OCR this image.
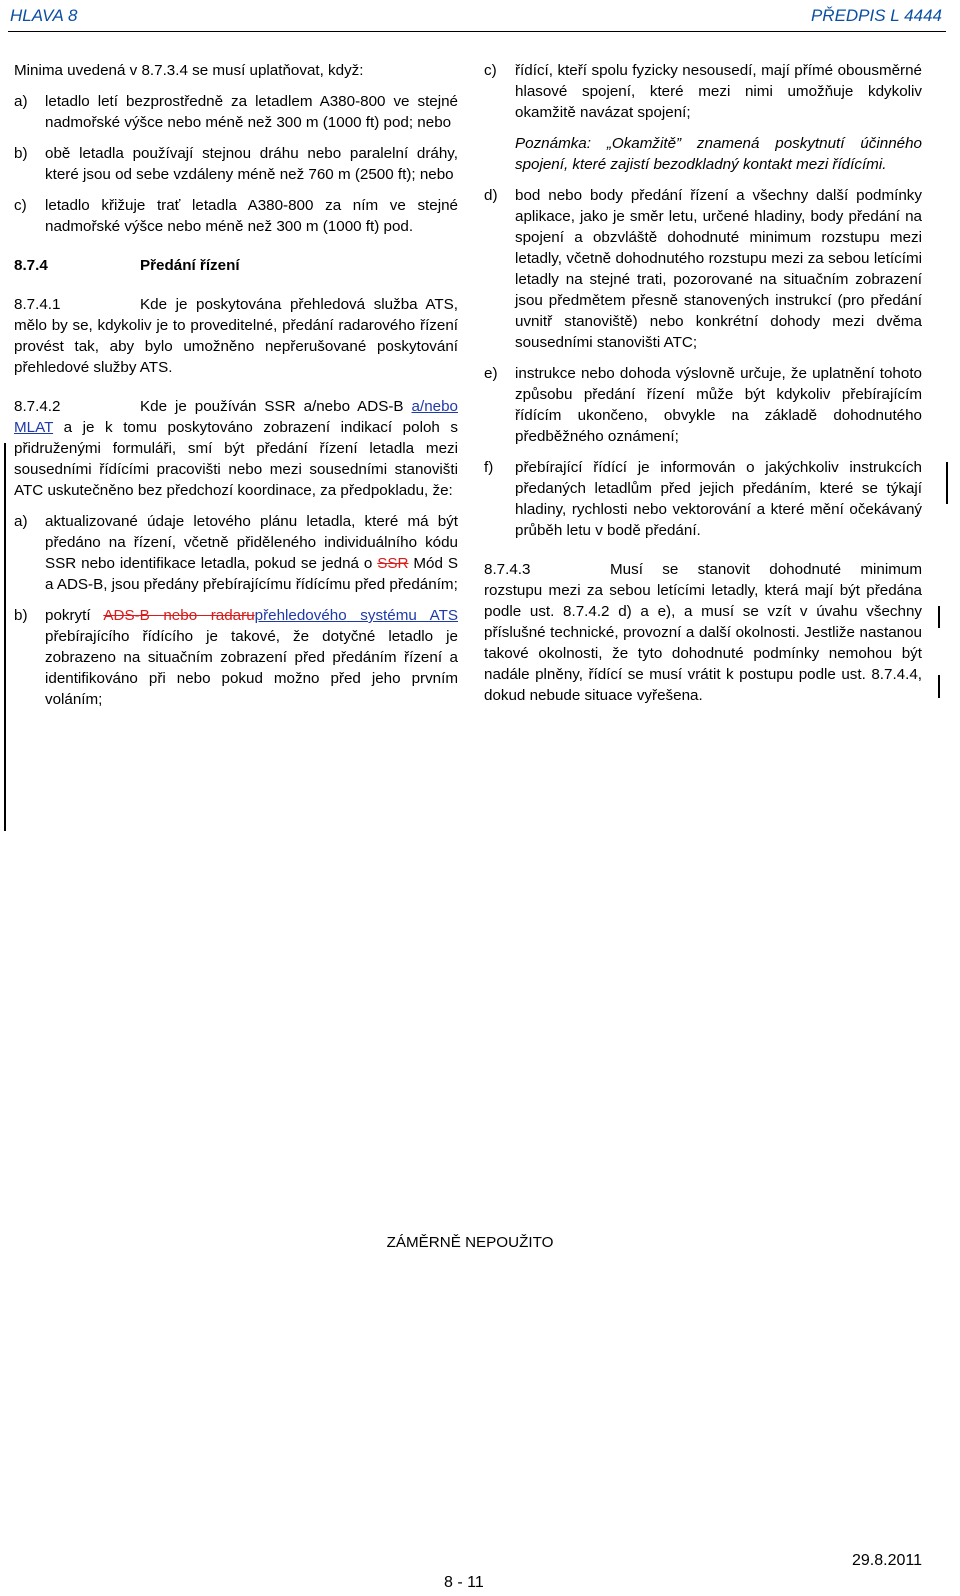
HLAVA 8	PŘEDPIS L 4444

Minima uvedená v 8.7.3.4 se musí uplatňovat, když:

a) letadlo letí bezprostředně za letadlem A380-800 ve stejné nadmořské výšce nebo méně než 300 m (1000 ft) pod; nebo
b) obě letadla používají stejnou dráhu nebo paralelní dráhy, které jsou od sebe vzdáleny méně než 760 m (2500 ft); nebo
c) letadlo křižuje trať letadla A380-800 za ním ve stejné nadmořské výšce nebo méně než 300 m (1000 ft) pod.
8.7.4	Předání řízení

8.7.4.1	Kde je poskytována přehledová služba ATS, mělo by se, kdykoliv je to proveditelné, předání radarového řízení provést tak, aby bylo umožněno nepřerušované poskytování přehledové služby ATS.

8.7.4.2	Kde je používán SSR a/nebo ADS-B a/nebo MLAT a je k tomu poskytováno zobrazení indikací poloh s přidruženými formuláři, smí být předání řízení letadla mezi sousedními řídícími pracovišti nebo mezi sousedními stanovišti ATC uskutečněno bez předchozí koordinace, za předpokladu, že:

a) aktualizované údaje letového plánu letadla, které má být předáno na řízení, včetně přiděleného individuálního kódu SSR nebo identifikace letadla, pokud se jedná o SSR Mód S a ADS-B, jsou předány přebírajícímu řídícímu před předáním;
b) pokrytí ADS-B nebo radarupřehledového systému ATS přebírajícího řídícího je takové, že dotyčné letadlo je zobrazeno na situačním zobrazení před předáním řízení a identifikováno při nebo pokud možno před jeho prvním voláním;
c) řídící, kteří spolu fyzicky nesousedí, mají přímé obousměrné hlasové spojení, které mezi nimi umožňuje kdykoliv okamžitě navázat spojení;

Poznámka: „Okamžitě” znamená poskytnutí účinného spojení, které zajistí bezodkladný kontakt mezi řídícími.

d) bod nebo body předání řízení a všechny další podmínky aplikace, jako je směr letu, určené hladiny, body předání na spojení a obzvláště dohodnuté minimum rozstupu mezi letadly, včetně dohodnutého rozstupu mezi za sebou letícími letadly na stejné trati, pozorované na situačním zobrazení jsou předmětem přesně stanovených instrukcí (pro předání uvnitř stanoviště) nebo konkrétní dohody mezi dvěma sousedními stanovišti ATC;
e) instrukce nebo dohoda výslovně určuje, že uplatnění tohoto způsobu předání řízení může být kdykoliv přebírajícím řídícím ukončeno, obvykle na základě dohodnutého předběžného oznámení;
f) přebírající řídící je informován o jakýchkoliv instrukcích předaných letadlům před jejich předáním, které se týkají hladiny, rychlosti nebo vektorování a které mění očekávaný průběh letu v bodě předání.

8.7.4.3	Musí se stanovit dohodnuté minimum rozstupu mezi za sebou letícími letadly, která mají být předána podle ust. 8.7.4.2 d) a e), a musí se vzít v úvahu všechny příslušné technické, provozní a další okolnosti. Jestliže nastanou takové okolnosti, že tyto dohodnuté podmínky nemohou být nadále plněny, řídící se musí vrátit k postupu podle ust. 8.7.4.4, dokud nebude situace vyřešena.

ZÁMĚRNĚ NEPOUŽITO
29.8.2011
8 - 11
